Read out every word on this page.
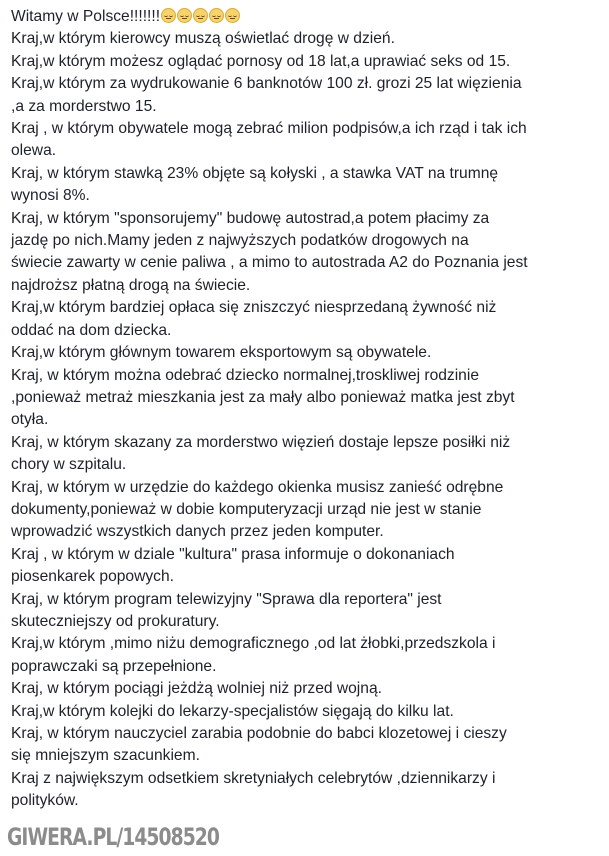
Witamy w Polsce!!!!!!!
Kraj,w którym kierowcy muszą oświetlać drogę w dzień.
Kraj,w którym możesz oglądać pornosy od 18 lat,a uprawiać seks od 15.
Kraj,w którym za wydrukowanie 6 banknotów 100 zł. grozi 25 lat więzienia
,a za morderstwo 15.
Kraj , w którym obywatele mogą zebrać milion podpisów,a ich rząd i tak ich
olewa.
Kraj, w którym stawką 23% objęte są kołyski , a stawka VAT na trumnę
wynosi 8%.
Kraj, w którym "sponsorujemy" budowę autostrad,a potem płacimy za
jazdę po nich.Mamy jeden z najwyższych podatków drogowych na
świecie zawarty w cenie paliwa , a mimo to autostrada A2 do Poznania jest
najdroższ płatną drogą na świecie.
Kraj,w którym bardziej opłaca się zniszczyć niesprzedaną żywność niż
oddać na dom dziecka.
Kraj,w którym głównym towarem eksportowym są obywatele.
Kraj, w którym można odebrać dziecko normalnej,troskliwej rodzinie
,ponieważ metraż mieszkania jest za mały albo ponieważ matka jest zbyt
otyła.
Kraj, w którym skazany za morderstwo więzień dostaje lepsze posiłki niż
chory w szpitalu.
Kraj, w którym w urzędzie do każdego okienka musisz zanieść odrębne
dokumenty,ponieważ w dobie komputeryzacji urząd nie jest w stanie
wprowadzić wszystkich danych przez jeden komputer.
Kraj , w którym w dziale "kultura" prasa informuje o dokonaniach
piosenkarek popowych.
Kraj, w którym program telewizyjny "Sprawa dla reportera" jest
skuteczniejszy od prokuratury.
Kraj,w którym ,mimo niżu demograficznego ,od lat żłobki,przedszkola i
poprawczaki są przepełnione.
Kraj, w którym pociągi jeżdżą wolniej niż przed wojną.
Kraj,w którym kolejki do lekarzy-specjalistów sięgają do kilku lat.
Kraj, w którym nauczyciel zarabia podobnie do babci klozetowej i cieszy
się mniejszym szacunkiem.
Kraj z największym odsetkiem skretyniałych celebrytów ,dziennikarzy i
polityków.
GIWERA.PL/14508520
